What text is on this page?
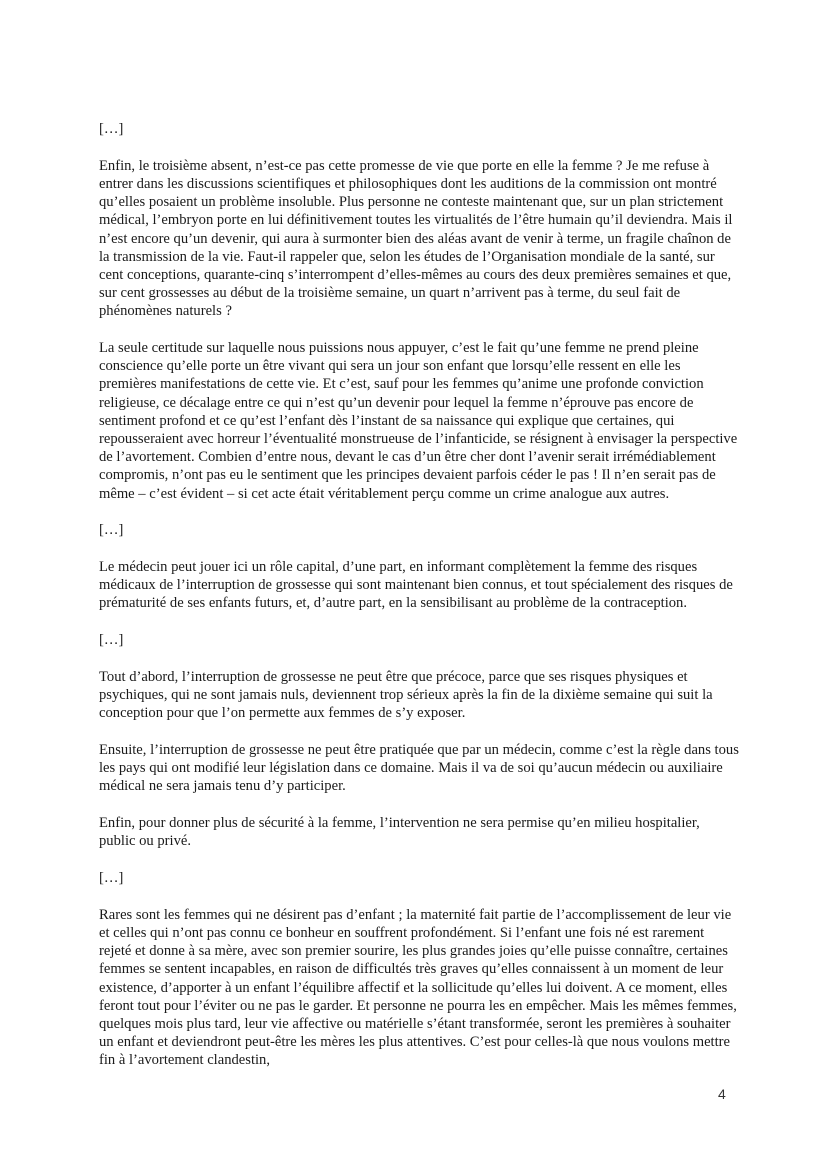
[…]

Enfin, le troisième absent, n’est-ce pas cette promesse de vie que porte en elle la femme ? Je me refuse à entrer dans les discussions scientifiques et philosophiques dont les auditions de la commission ont montré qu’elles posaient un problème insoluble. Plus personne ne conteste maintenant que, sur un plan strictement médical, l’embryon porte en lui définitivement toutes les virtualités de l’être humain qu’il deviendra. Mais il n’est encore qu’un devenir, qui aura à surmonter bien des aléas avant de venir à terme, un fragile chaînon de la transmission de la vie. Faut-il rappeler que, selon les études de l’Organisation mondiale de la santé, sur cent conceptions, quarante-cinq s’interrompent d’elles-mêmes au cours des deux premières semaines et que, sur cent grossesses au début de la troisième semaine, un quart n’arrivent pas à terme, du seul fait de phénomènes naturels ?

La seule certitude sur laquelle nous puissions nous appuyer, c’est le fait qu’une femme ne prend pleine conscience qu’elle porte un être vivant qui sera un jour son enfant que lorsqu’elle ressent en elle les premières manifestations de cette vie. Et c’est, sauf pour les femmes qu’anime une profonde conviction religieuse, ce décalage entre ce qui n’est qu’un devenir pour lequel la femme n’éprouve pas encore de sentiment profond et ce qu’est l’enfant dès l’instant de sa naissance qui explique que certaines, qui repousseraient avec horreur l’éventualité monstrueuse de l’infanticide, se résignent à envisager la perspective de l’avortement. Combien d’entre nous, devant le cas d’un être cher dont l’avenir serait irrémédiablement compromis, n’ont pas eu le sentiment que les principes devaient parfois céder le pas ! Il n’en serait pas de même – c’est évident – si cet acte était véritablement perçu comme un crime analogue aux autres.

[…]

Le médecin peut jouer ici un rôle capital, d’une part, en informant complètement la femme des risques médicaux de l’interruption de grossesse qui sont maintenant bien connus, et tout spécialement des risques de prématurité de ses enfants futurs, et, d’autre part, en la sensibilisant au problème de la contraception.

[…]

Tout d’abord, l’interruption de grossesse ne peut être que précoce, parce que ses risques physiques et psychiques, qui ne sont jamais nuls, deviennent trop sérieux après la fin de la dixième semaine qui suit la conception pour que l’on permette aux femmes de s’y exposer.

Ensuite, l’interruption de grossesse ne peut être pratiquée que par un médecin, comme c’est la règle dans tous les pays qui ont modifié leur législation dans ce domaine. Mais il va de soi qu’aucun médecin ou auxiliaire médical ne sera jamais tenu d’y participer.

Enfin, pour donner plus de sécurité à la femme, l’intervention ne sera permise qu’en milieu hospitalier, public ou privé.

[…]

Rares sont les femmes qui ne désirent pas d’enfant ; la maternité fait partie de l’accomplissement de leur vie et celles qui n’ont pas connu ce bonheur en souffrent profondément. Si l’enfant une fois né est rarement rejeté et donne à sa mère, avec son premier sourire, les plus grandes joies qu’elle puisse connaître, certaines femmes se sentent incapables, en raison de difficultés très graves qu’elles connaissent à un moment de leur existence, d’apporter à un enfant l’équilibre affectif et la sollicitude qu’elles lui doivent. A ce moment, elles feront tout pour l’éviter ou ne pas le garder. Et personne ne pourra les en empêcher. Mais les mêmes femmes, quelques mois plus tard, leur vie affective ou matérielle s’étant transformée, seront les premières à souhaiter un enfant et deviendront peut-être les mères les plus attentives. C’est pour celles-là que nous voulons mettre fin à l’avortement clandestin,

4
